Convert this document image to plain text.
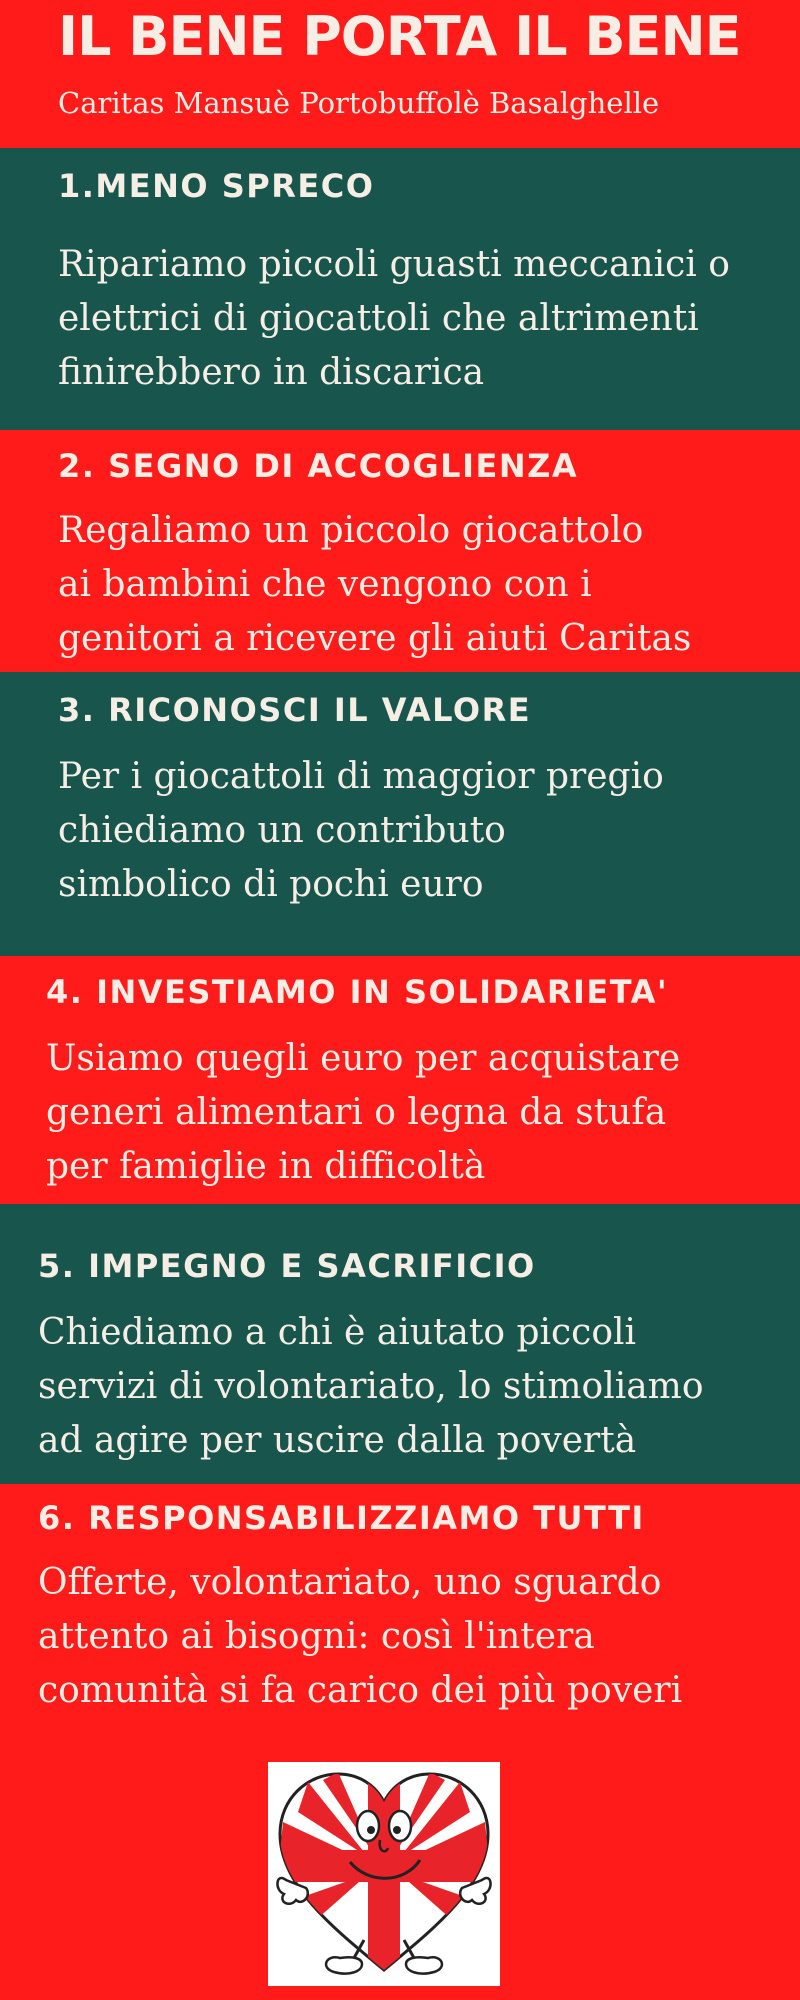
IL BENE PORTA IL BENE
Caritas Mansuè Portobuffolè Basalghelle
1.MENO SPRECO
Ripariamo piccoli guasti meccanici o
elettrici di giocattoli che altrimenti
finirebbero in discarica
2. SEGNO DI ACCOGLIENZA
Regaliamo un piccolo giocattolo
ai bambini che vengono con i
genitori a ricevere gli aiuti Caritas
3. RICONOSCI IL VALORE
Per i giocattoli di maggior pregio
chiediamo un contributo
simbolico di pochi euro
4. INVESTIAMO IN SOLIDARIETA'
Usiamo quegli euro per acquistare
generi alimentari o legna da stufa
per famiglie in difficoltà
5. IMPEGNO E SACRIFICIO
Chiediamo a chi è aiutato piccoli
servizi di volontariato, lo stimoliamo
ad agire per uscire dalla povertà
6. RESPONSABILIZZIAMO TUTTI
Offerte, volontariato, uno sguardo
attento ai bisogni: così l'intera
comunità si fa carico dei più poveri
